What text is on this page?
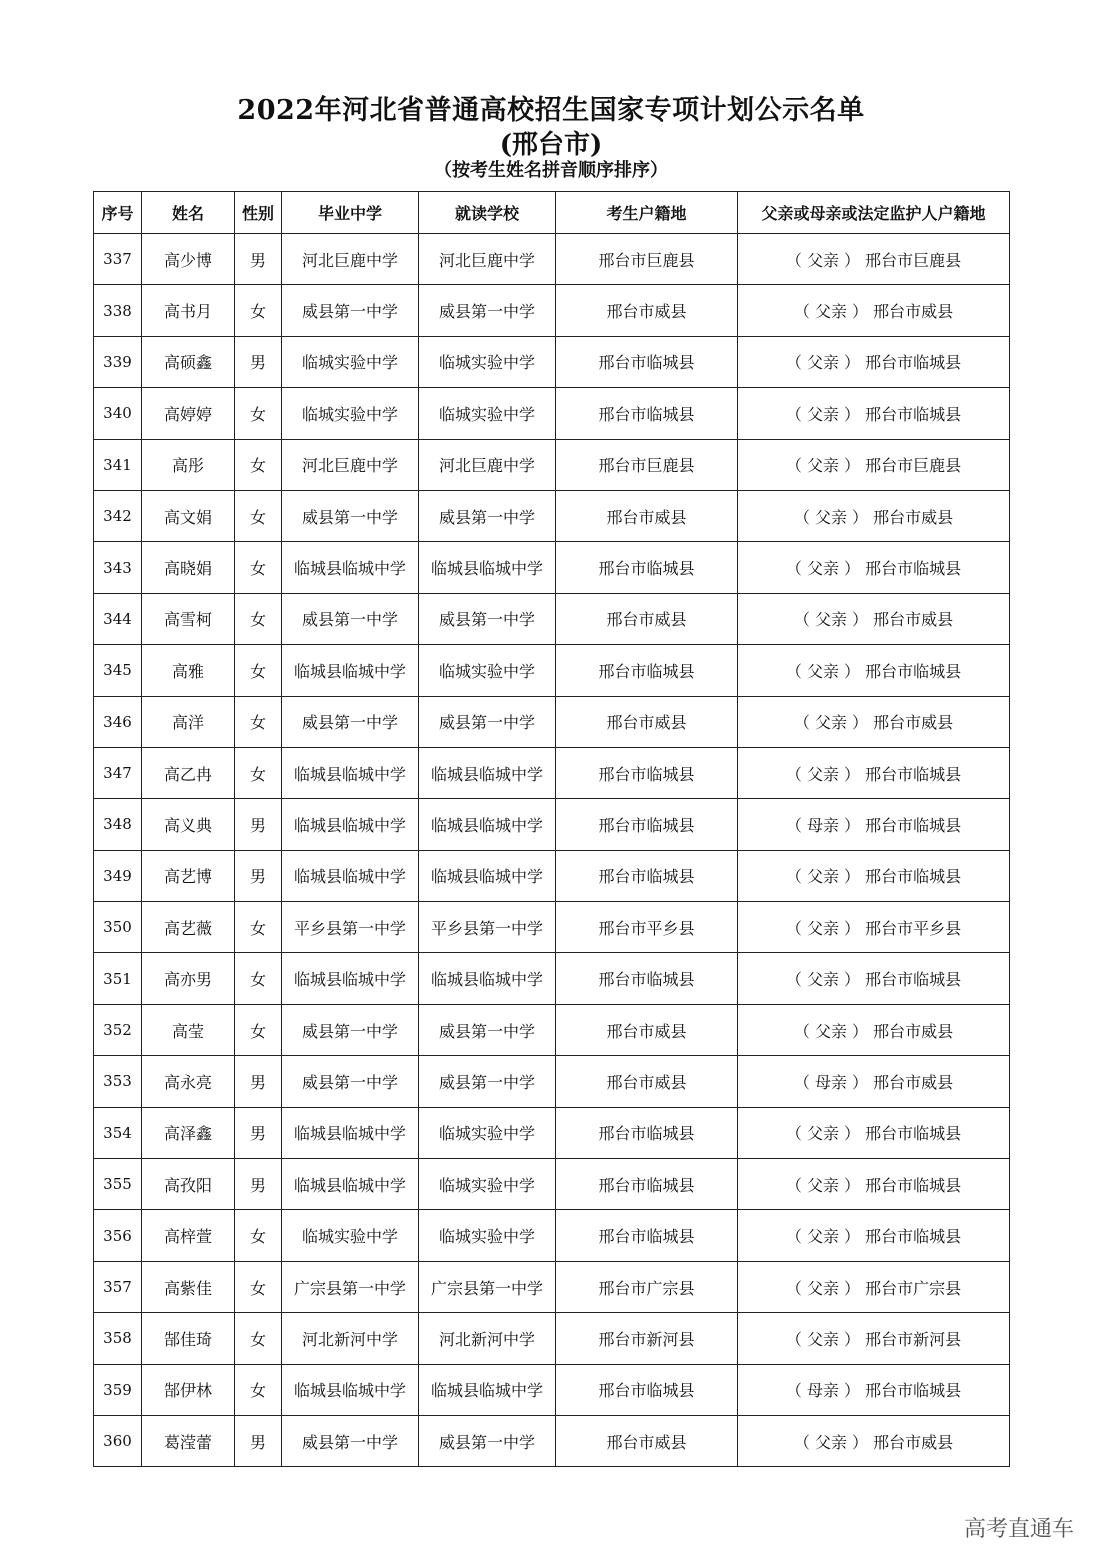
2022年河北省普通高校招生国家专项计划公示名单
(邢台市)
（按考生姓名拼音顺序排序）
序号	姓名	性别	毕业中学	就读学校	考生户籍地	父亲或母亲或法定监护人户籍地
337	高少博	男	河北巨鹿中学	河北巨鹿中学	邢台市巨鹿县	（ 父亲 ） 邢台市巨鹿县
338	高书月	女	威县第一中学	威县第一中学	邢台市威县	（ 父亲 ） 邢台市威县
339	高硕鑫	男	临城实验中学	临城实验中学	邢台市临城县	（ 父亲 ） 邢台市临城县
340	高婷婷	女	临城实验中学	临城实验中学	邢台市临城县	（ 父亲 ） 邢台市临城县
341	高彤	女	河北巨鹿中学	河北巨鹿中学	邢台市巨鹿县	（ 父亲 ） 邢台市巨鹿县
342	高文娟	女	威县第一中学	威县第一中学	邢台市威县	（ 父亲 ） 邢台市威县
343	高晓娟	女	临城县临城中学	临城县临城中学	邢台市临城县	（ 父亲 ） 邢台市临城县
344	高雪柯	女	威县第一中学	威县第一中学	邢台市威县	（ 父亲 ） 邢台市威县
345	高雅	女	临城县临城中学	临城实验中学	邢台市临城县	（ 父亲 ） 邢台市临城县
346	高洋	女	威县第一中学	威县第一中学	邢台市威县	（ 父亲 ） 邢台市威县
347	高乙冉	女	临城县临城中学	临城县临城中学	邢台市临城县	（ 父亲 ） 邢台市临城县
348	高义典	男	临城县临城中学	临城县临城中学	邢台市临城县	（ 母亲 ） 邢台市临城县
349	高艺博	男	临城县临城中学	临城县临城中学	邢台市临城县	（ 父亲 ） 邢台市临城县
350	高艺薇	女	平乡县第一中学	平乡县第一中学	邢台市平乡县	（ 父亲 ） 邢台市平乡县
351	高亦男	女	临城县临城中学	临城县临城中学	邢台市临城县	（ 父亲 ） 邢台市临城县
352	高莹	女	威县第一中学	威县第一中学	邢台市威县	（ 父亲 ） 邢台市威县
353	高永亮	男	威县第一中学	威县第一中学	邢台市威县	（ 母亲 ） 邢台市威县
354	高泽鑫	男	临城县临城中学	临城实验中学	邢台市临城县	（ 父亲 ） 邢台市临城县
355	高孜阳	男	临城县临城中学	临城实验中学	邢台市临城县	（ 父亲 ） 邢台市临城县
356	高梓萱	女	临城实验中学	临城实验中学	邢台市临城县	（ 父亲 ） 邢台市临城县
357	高紫佳	女	广宗县第一中学	广宗县第一中学	邢台市广宗县	（ 父亲 ） 邢台市广宗县
358	郜佳琦	女	河北新河中学	河北新河中学	邢台市新河县	（ 父亲 ） 邢台市新河县
359	郜伊林	女	临城县临城中学	临城县临城中学	邢台市临城县	（ 母亲 ） 邢台市临城县
360	葛滢蕾	男	威县第一中学	威县第一中学	邢台市威县	（ 父亲 ） 邢台市威县
高考直通车
